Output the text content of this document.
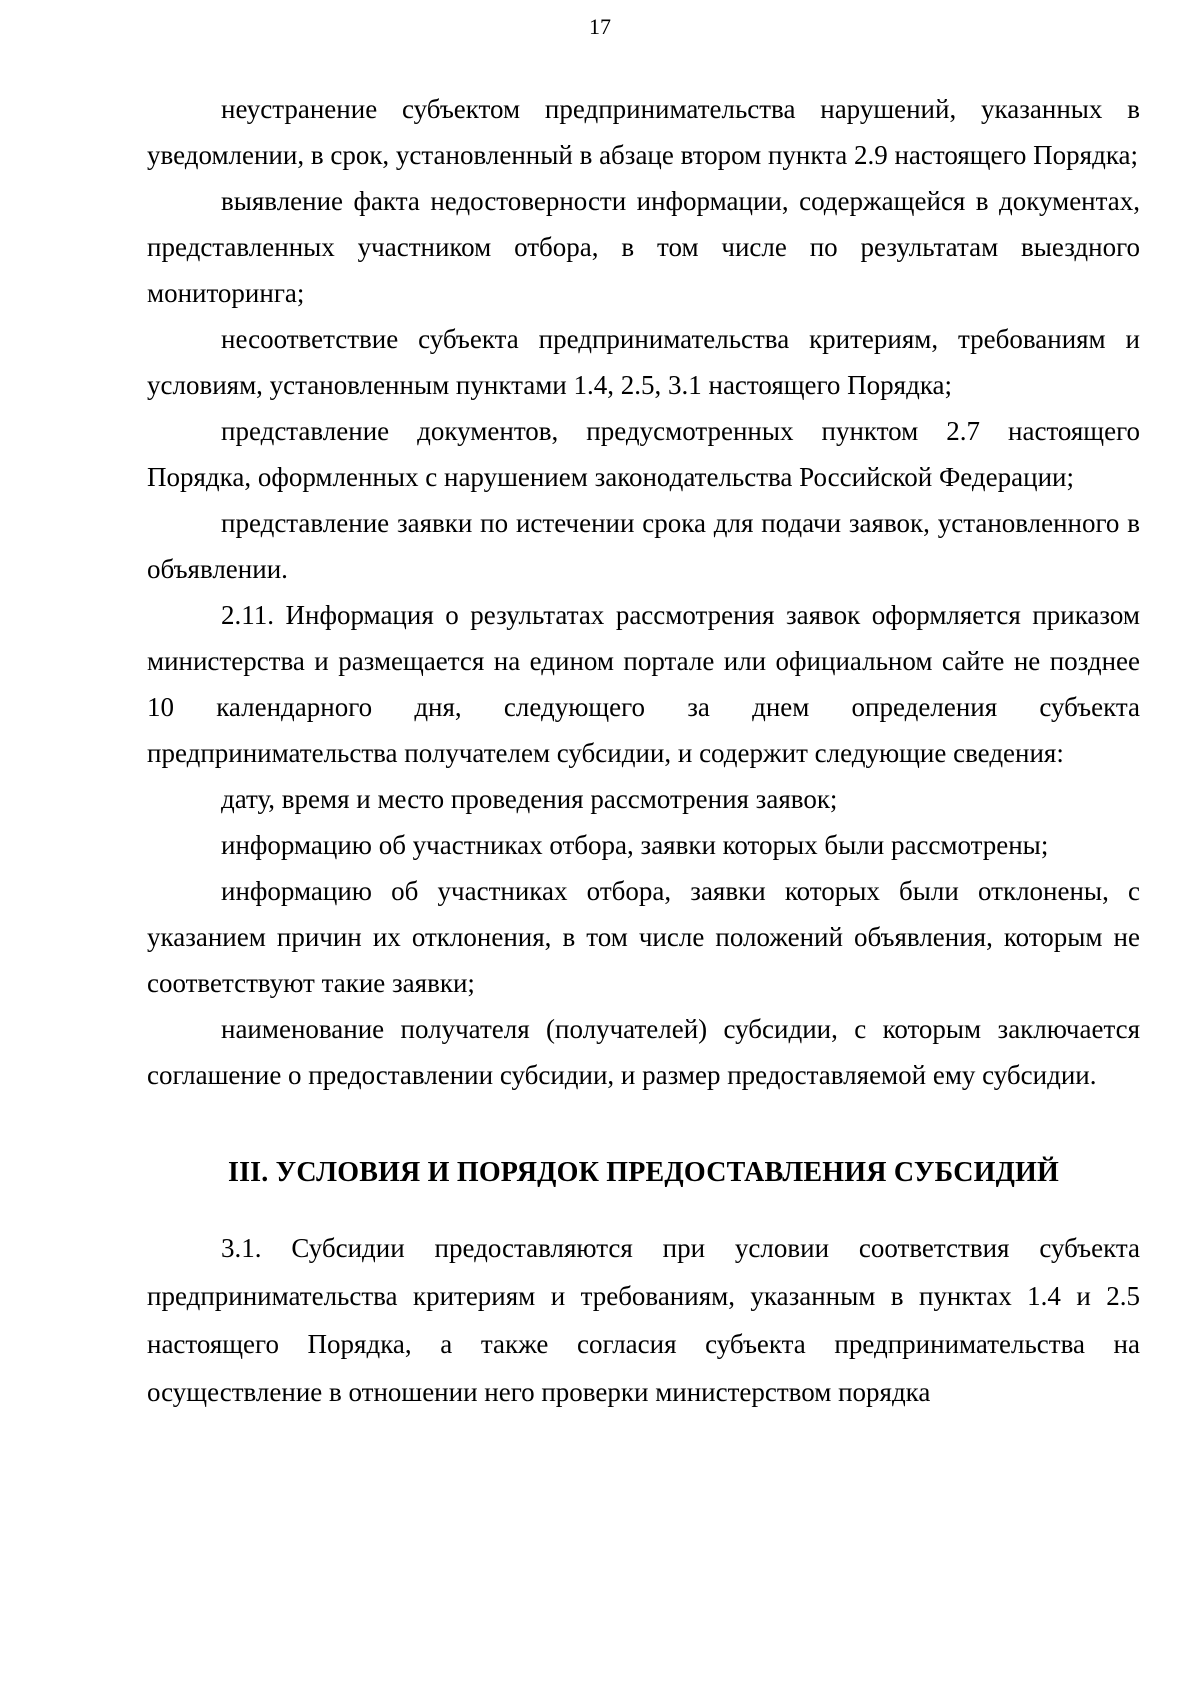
17

неустранение субъектом предпринимательства нарушений, указанных в уведомлении, в срок, установленный в абзаце втором пункта 2.9 настоящего Порядка;

выявление факта недостоверности информации, содержащейся в документах, представленных участником отбора, в том числе по результатам выездного мониторинга;

несоответствие субъекта предпринимательства критериям, требованиям и условиям, установленным пунктами 1.4, 2.5, 3.1 настоящего Порядка;

представление документов, предусмотренных пунктом 2.7 настоящего Порядка, оформленных с нарушением законодательства Российской Федерации;

представление заявки по истечении срока для подачи заявок, установленного в объявлении.

2.11. Информация о результатах рассмотрения заявок оформляется приказом министерства и размещается на едином портале или официальном сайте не позднее 10 календарного дня, следующего за днем определения субъекта предпринимательства получателем субсидии, и содержит следующие сведения:

дату, время и место проведения рассмотрения заявок;

информацию об участниках отбора, заявки которых были рассмотрены;

информацию об участниках отбора, заявки которых были отклонены, с указанием причин их отклонения, в том числе положений объявления, которым не соответствуют такие заявки;

наименование получателя (получателей) субсидии, с которым заключается соглашение о предоставлении субсидии, и размер предоставляемой ему субсидии.

III. УСЛОВИЯ И ПОРЯДОК ПРЕДОСТАВЛЕНИЯ СУБСИДИЙ

3.1. Субсидии предоставляются при условии соответствия субъекта предпринимательства критериям и требованиям, указанным в пунктах 1.4 и 2.5 настоящего Порядка, а также согласия субъекта предпринимательства на осуществление в отношении него проверки министерством порядка
